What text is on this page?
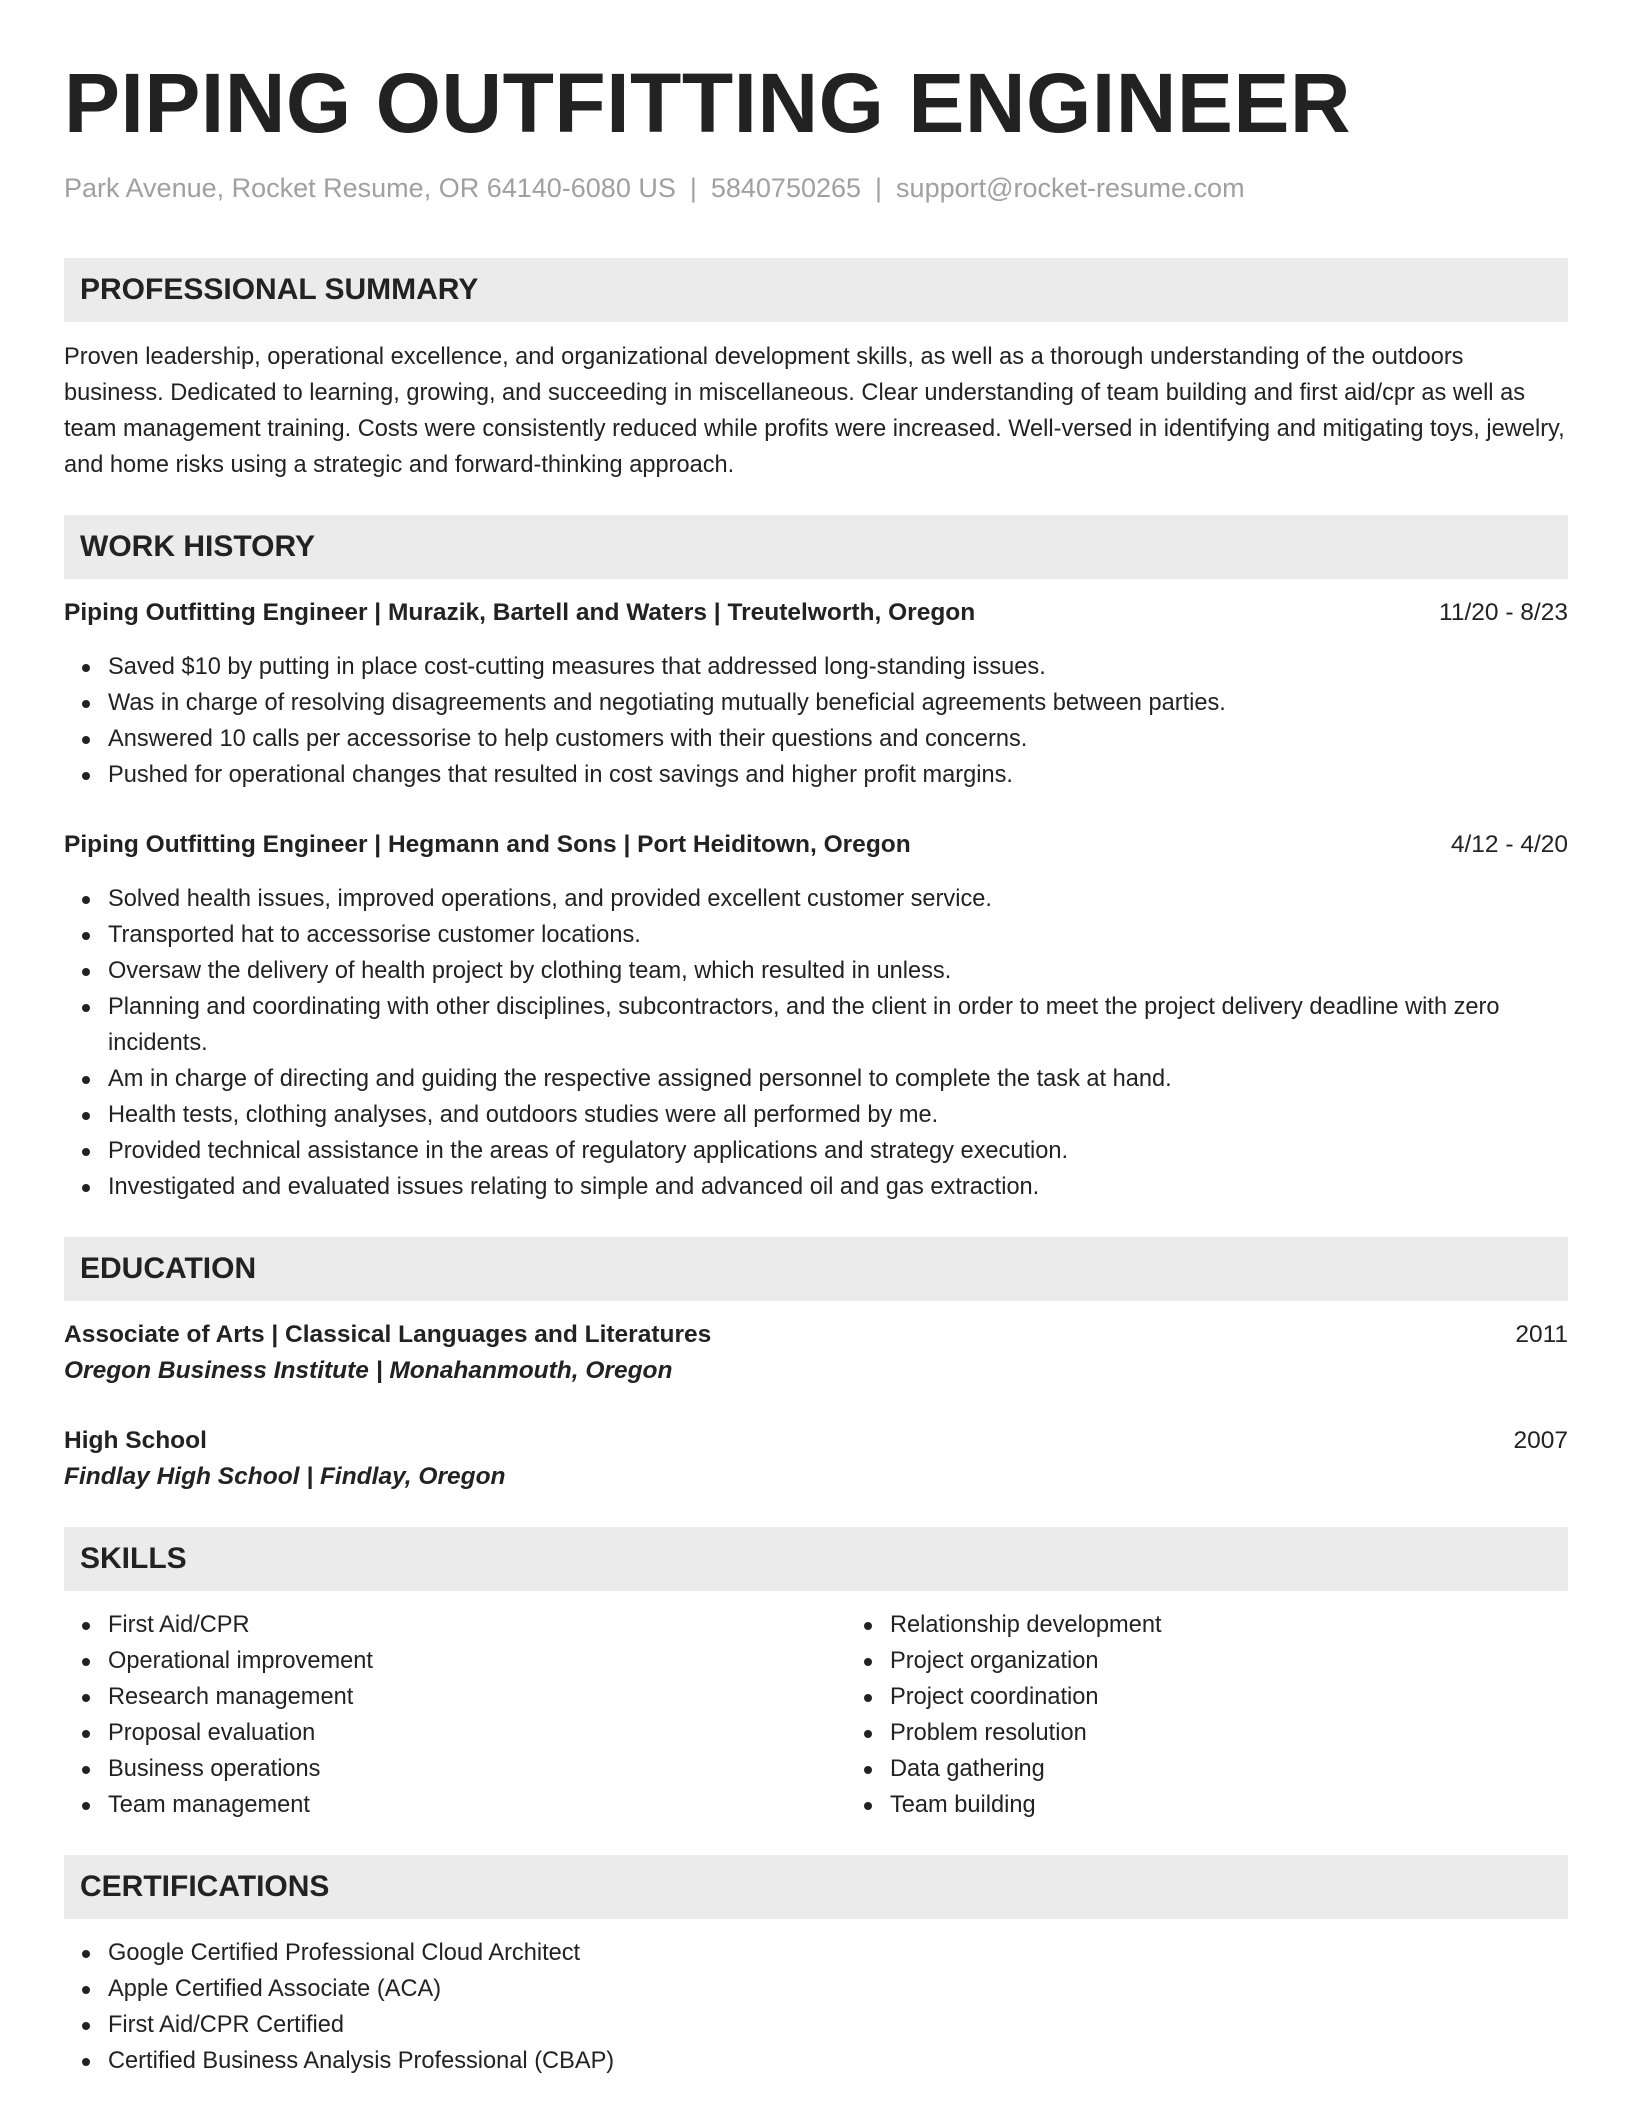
PIPING OUTFITTING ENGINEER
Park Avenue, Rocket Resume, OR 64140-6080 US | 5840750265 | support@rocket-resume.com
PROFESSIONAL SUMMARY

Proven leadership, operational excellence, and organizational development skills, as well as a thorough understanding of the outdoors business. Dedicated to learning, growing, and succeeding in miscellaneous. Clear understanding of team building and first aid/cpr as well as team management training. Costs were consistently reduced while profits were increased. Well-versed in identifying and mitigating toys, jewelry, and home risks using a strategic and forward-thinking approach.

WORK HISTORY
Piping Outfitting Engineer | Murazik, Bartell and Waters | Treutelworth, Oregon	11/20 - 8/23
Saved $10 by putting in place cost-cutting measures that addressed long-standing issues.
Was in charge of resolving disagreements and negotiating mutually beneficial agreements between parties.
Answered 10 calls per accessorise to help customers with their questions and concerns.
Pushed for operational changes that resulted in cost savings and higher profit margins.
Piping Outfitting Engineer | Hegmann and Sons | Port Heiditown, Oregon	4/12 - 4/20
Solved health issues, improved operations, and provided excellent customer service.
Transported hat to accessorise customer locations.
Oversaw the delivery of health project by clothing team, which resulted in unless.
Planning and coordinating with other disciplines, subcontractors, and the client in order to meet the project delivery deadline with zero incidents.
Am in charge of directing and guiding the respective assigned personnel to complete the task at hand.
Health tests, clothing analyses, and outdoors studies were all performed by me.
Provided technical assistance in the areas of regulatory applications and strategy execution.
Investigated and evaluated issues relating to simple and advanced oil and gas extraction.
EDUCATION
Associate of Arts | Classical Languages and Literatures	2011
Oregon Business Institute | Monahanmouth, Oregon
High School	2007
Findlay High School | Findlay, Oregon
SKILLS
First Aid/CPR
Operational improvement
Research management
Proposal evaluation
Business operations
Team management
Relationship development
Project organization
Project coordination
Problem resolution
Data gathering
Team building
CERTIFICATIONS
Google Certified Professional Cloud Architect
Apple Certified Associate (ACA)
First Aid/CPR Certified
Certified Business Analysis Professional (CBAP)
